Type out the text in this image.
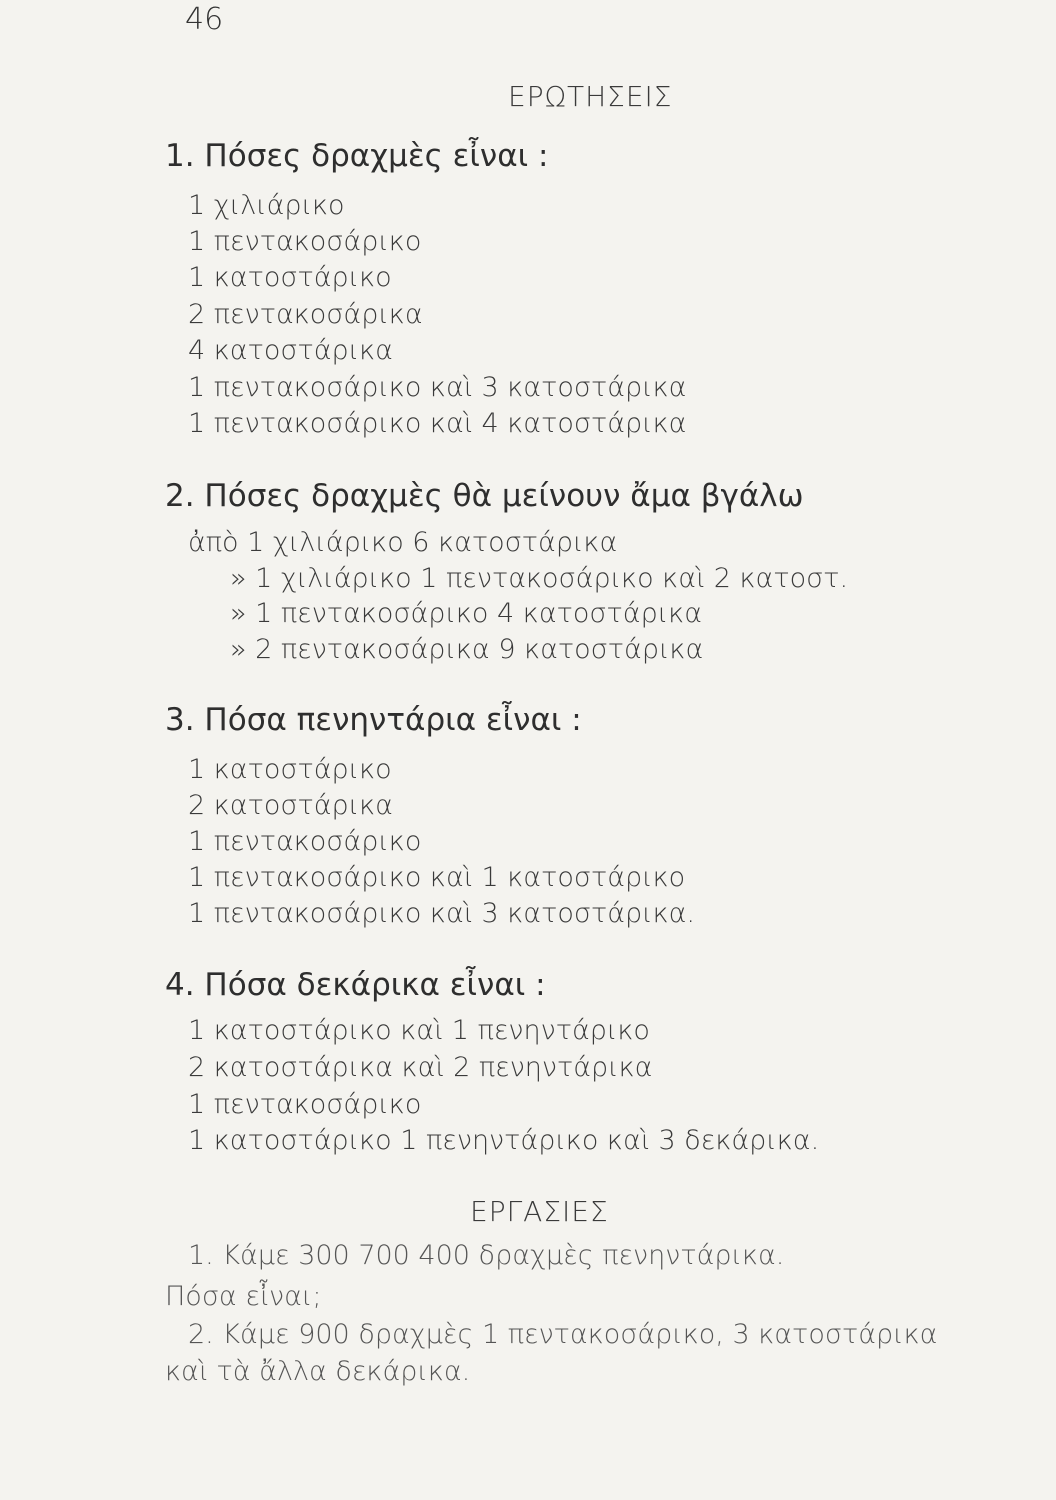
46
ΕΡΩΤΗΣΕΙΣ
1. Πόσες δραχμὲς εἶναι :
1 χιλιάρικο
1 πεντακοσάρικο
1 κατοστάρικο
2 πεντακοσάρικα
4 κατοστάρικα
1 πεντακοσάρικο καὶ 3 κατοστάρικα
1 πεντακοσάρικο καὶ 4 κατοστάρικα
2. Πόσες δραχμὲς θὰ μείνουν ἄμα βγάλω
ἀπὸ 1 χιλιάρικο 6 κατοστάρικα
» 1 χιλιάρικο 1 πεντακοσάρικο καὶ 2 κατοστ.
» 1 πεντακοσάρικο 4 κατοστάρικα
» 2 πεντακοσάρικα 9 κατοστάρικα
3. Πόσα πενηντάρια εἶναι :
1 κατοστάρικο
2 κατοστάρικα
1 πεντακοσάρικο
1 πεντακοσάρικο καὶ 1 κατοστάρικο
1 πεντακοσάρικο καὶ 3 κατοστάρικα.
4. Πόσα δεκάρικα εἶναι :
1 κατοστάρικο καὶ 1 πενηντάρικο
2 κατοστάρικα καὶ 2 πενηντάρικα
1 πεντακοσάρικο
1 κατοστάρικο 1 πενηντάρικο καὶ 3 δεκάρικα.
ΕΡΓΑΣΙΕΣ
1. Κάμε 300 700 400 δραχμὲς πενηντάρικα.
Πόσα εἶναι;
2. Κάμε 900 δραχμὲς 1 πεντακοσάρικο, 3 κατοστάρικα
καὶ τὰ ἄλλα δεκάρικα.
